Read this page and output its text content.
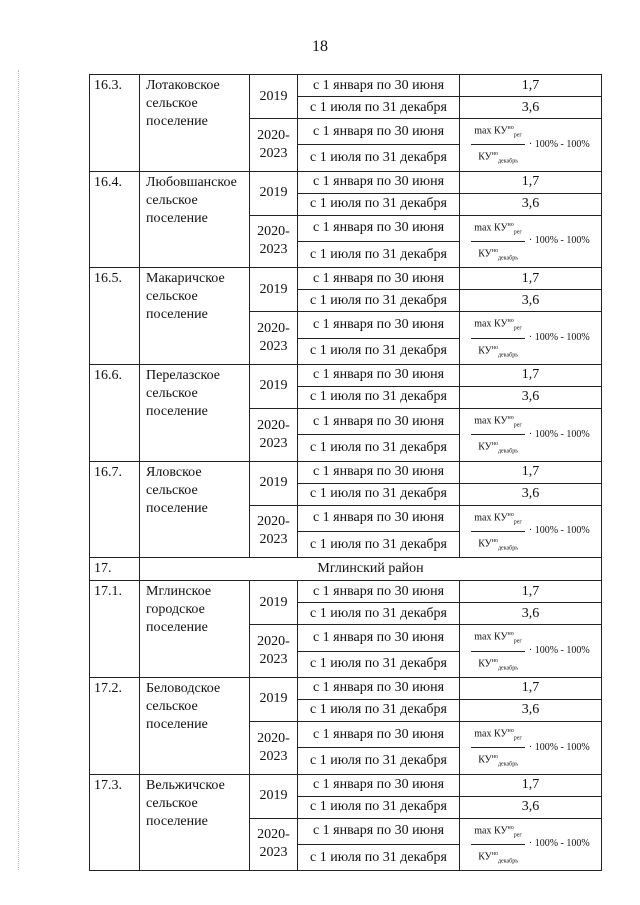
18
16.3.	Лотаковское
сельское
поселение	2019	с 1 января по 30 июня	1,7
			с 1 июля по 31 декабря	3,6

		2020-
2023	с 1 января по 30 июня	$\frac{\max КУ^{но}_{рег}}{КУ^{но}_{декабрь}} \cdot 100\% - 100\%$

			с 1 июля по 31 декабря	
16.4.	Любовшанское
сельское
поселение	2019	с 1 января по 30 июня	1,7
			с 1 июля по 31 декабря	3,6

		2020-
2023	с 1 января по 30 июня	$\frac{\max КУ^{но}_{рег}}{КУ^{но}_{декабрь}} \cdot 100\% - 100\%$

			с 1 июля по 31 декабря	
16.5.	Макаричское
сельское
поселение	2019	с 1 января по 30 июня	1,7
			с 1 июля по 31 декабря	3,6

		2020-
2023	с 1 января по 30 июня	$\frac{\max КУ^{но}_{рег}}{КУ^{но}_{декабрь}} \cdot 100\% - 100\%$

			с 1 июля по 31 декабря	
16.6.	Перелазское
сельское
поселение	2019	с 1 января по 30 июня	1,7
			с 1 июля по 31 декабря	3,6

		2020-
2023	с 1 января по 30 июня	$\frac{\max КУ^{но}_{рег}}{КУ^{но}_{декабрь}} \cdot 100\% - 100\%$

			с 1 июля по 31 декабря	
16.7.	Яловское
сельское
поселение	2019	с 1 января по 30 июня	1,7
			с 1 июля по 31 декабря	3,6

		2020-
2023	с 1 января по 30 июня	$\frac{\max КУ^{но}_{рег}}{КУ^{но}_{декабрь}} \cdot 100\% - 100\%$

			с 1 июля по 31 декабря	
17.	Мглинский район			
17.1.	Мглинское
городское
поселение	2019	с 1 января по 30 июня	1,7
			с 1 июля по 31 декабря	3,6

		2020-
2023	с 1 января по 30 июня	$\frac{\max КУ^{но}_{рег}}{КУ^{но}_{декабрь}} \cdot 100\% - 100\%$

			с 1 июля по 31 декабря	
17.2.	Беловодское
сельское
поселение	2019	с 1 января по 30 июня	1,7
			с 1 июля по 31 декабря	3,6

		2020-
2023	с 1 января по 30 июня	$\frac{\max КУ^{но}_{рег}}{КУ^{но}_{декабрь}} \cdot 100\% - 100\%$

			с 1 июля по 31 декабря	
17.3.	Вельжичское
сельское
поселение	2019	с 1 января по 30 июня	1,7
			с 1 июля по 31 декабря	3,6

		2020-
2023	с 1 января по 30 июня	$\frac{\max КУ^{но}_{рег}}{КУ^{но}_{декабрь}} \cdot 100\% - 100\%$

			с 1 июля по 31 декабря	
